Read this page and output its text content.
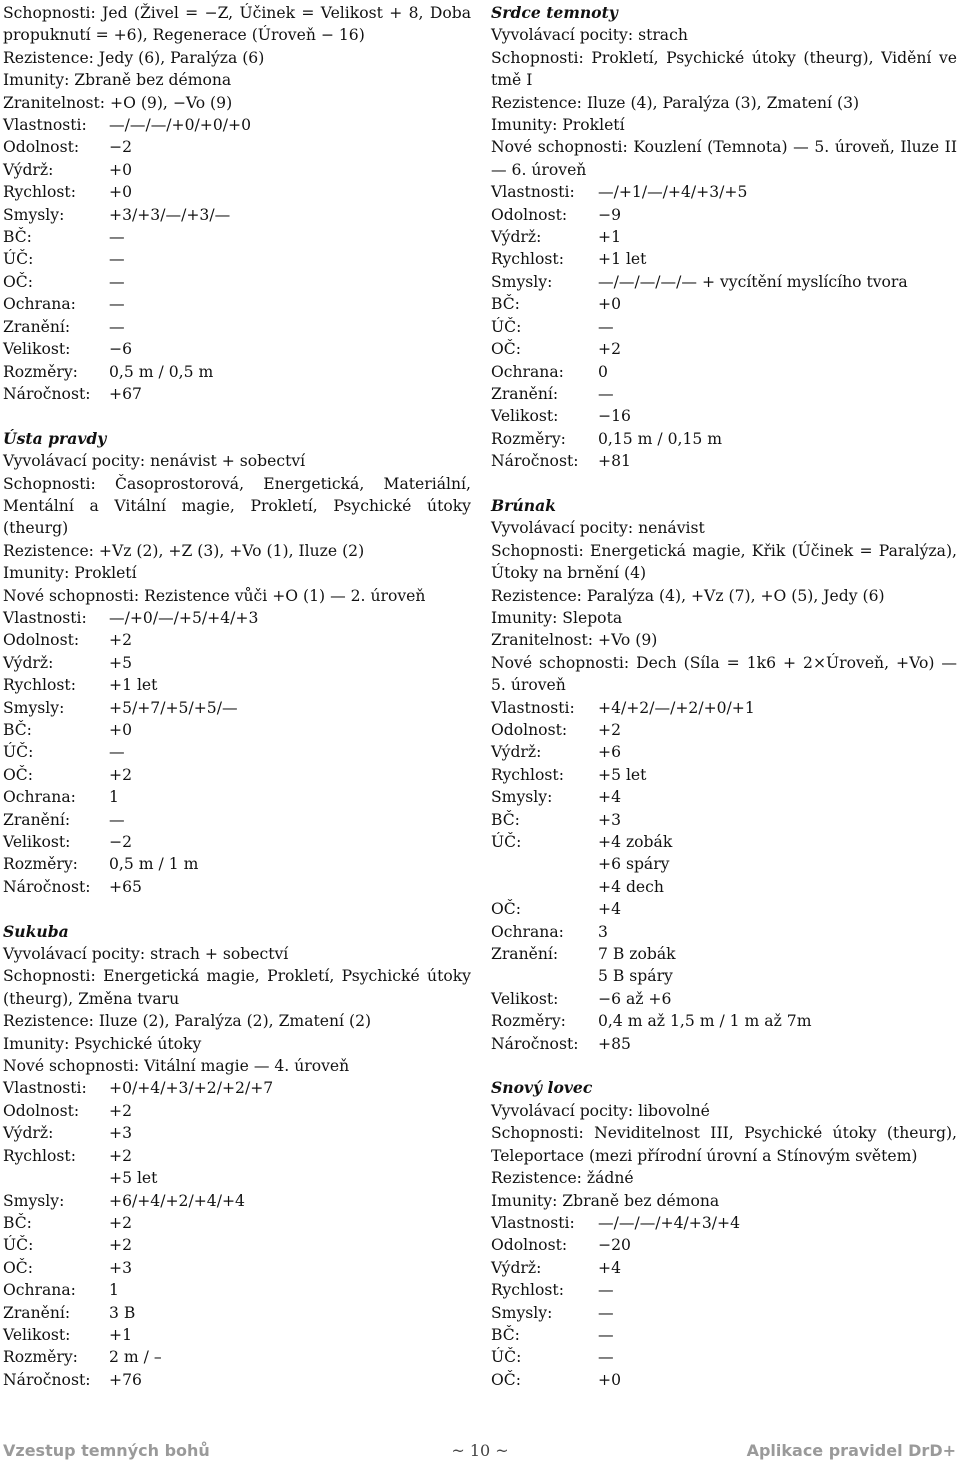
Schopnosti: Jed (Živel = −Z, Účinek = Velikost + 8, Doba propuknutí = +6), Regenerace (Úroveň − 16)
Rezistence: Jedy (6), Paralýza (6)
Imunity: Zbraně bez démona
Zranitelnost: +O (9), −Vo (9)
Vlastnosti:	—/—/—/+0/+0/+0
Odolnost:	−2
Výdrž:	+0
Rychlost:	+0
Smysly:	+3/+3/—/+3/—
BČ:	—
ÚČ:	—
OČ:	—
Ochrana:	—
Zranění:	—
Velikost:	−6
Rozměry:	0,5 m / 0,5 m
Náročnost:	+67
Ústa pravdy
Vyvolávací pocity: nenávist + sobectví
Schopnosti: Časoprostorová, Energetická, Materiální, Mentální a Vitální magie, Prokletí, Psychické útoky (theurg)
Rezistence: +Vz (2), +Z (3), +Vo (1), Iluze (2)
Imunity: Prokletí
Nové schopnosti: Rezistence vůči +O (1) — 2. úroveň
Vlastnosti:	—/+0/—/+5/+4/+3
Odolnost:	+2
Výdrž:	+5
Rychlost:	+1 let
Smysly:	+5/+7/+5/+5/—
BČ:	+0
ÚČ:	—
OČ:	+2
Ochrana:	1
Zranění:	—
Velikost:	−2
Rozměry:	0,5 m / 1 m
Náročnost:	+65
Sukuba
Vyvolávací pocity: strach + sobectví
Schopnosti: Energetická magie, Prokletí, Psychické útoky (theurg), Změna tvaru
Rezistence: Iluze (2), Paralýza (2), Zmatení (2)
Imunity: Psychické útoky
Nové schopnosti: Vitální magie — 4. úroveň
Vlastnosti:	+0/+4/+3/+2/+2/+7
Odolnost:	+2
Výdrž:	+3
Rychlost:	+2
+5 let
Smysly:	+6/+4/+2/+4/+4
BČ:	+2
ÚČ:	+2
OČ:	+3
Ochrana:	1
Zranění:	3 B
Velikost:	+1
Rozměry:	2 m / –
Náročnost:	+76
Srdce temnoty
Vyvolávací pocity: strach
Schopnosti: Prokletí, Psychické útoky (theurg), Vidění ve tmě I
Rezistence: Iluze (4), Paralýza (3), Zmatení (3)
Imunity: Prokletí
Nové schopnosti: Kouzlení (Temnota) — 5. úroveň, Iluze II — 6. úroveň
Vlastnosti:	—/+1/—/+4/+3/+5
Odolnost:	−9
Výdrž:	+1
Rychlost:	+1 let
Smysly:	—/—/—/—/— + vycítění myslícího tvora
BČ:	+0
ÚČ:	—
OČ:	+2
Ochrana:	0
Zranění:	—
Velikost:	−16
Rozměry:	0,15 m / 0,15 m
Náročnost:	+81
Brúnak
Vyvolávací pocity: nenávist
Schopnosti: Energetická magie, Křik (Účinek = Paralýza), Útoky na brnění (4)
Rezistence: Paralýza (4), +Vz (7), +O (5), Jedy (6)
Imunity: Slepota
Zranitelnost: +Vo (9)
Nové schopnosti: Dech (Síla = 1k6 + 2×Úroveň, +Vo) — 5. úroveň
Vlastnosti:	+4/+2/—/+2/+0/+1
Odolnost:	+2
Výdrž:	+6
Rychlost:	+5 let
Smysly:	+4
BČ:	+3
ÚČ:	+4 zobák
+6 spáry
+4 dech
OČ:	+4
Ochrana:	3
Zranění:	7 B zobák
5 B spáry
Velikost:	−6 až +6
Rozměry:	0,4 m až 1,5 m / 1 m až 7m
Náročnost:	+85
Snový lovec
Vyvolávací pocity: libovolné
Schopnosti: Neviditelnost III, Psychické útoky (theurg), Teleportace (mezi přírodní úrovní a Stínovým světem)
Rezistence: žádné
Imunity: Zbraně bez démona
Vlastnosti:	—/—/—/+4/+3/+4
Odolnost:	−20
Výdrž:	+4
Rychlost:	—
Smysly:	—
BČ:	—
ÚČ:	—
OČ:	+0
Vzestup temných bohů	~ 10 ~	Aplikace pravidel DrD+
